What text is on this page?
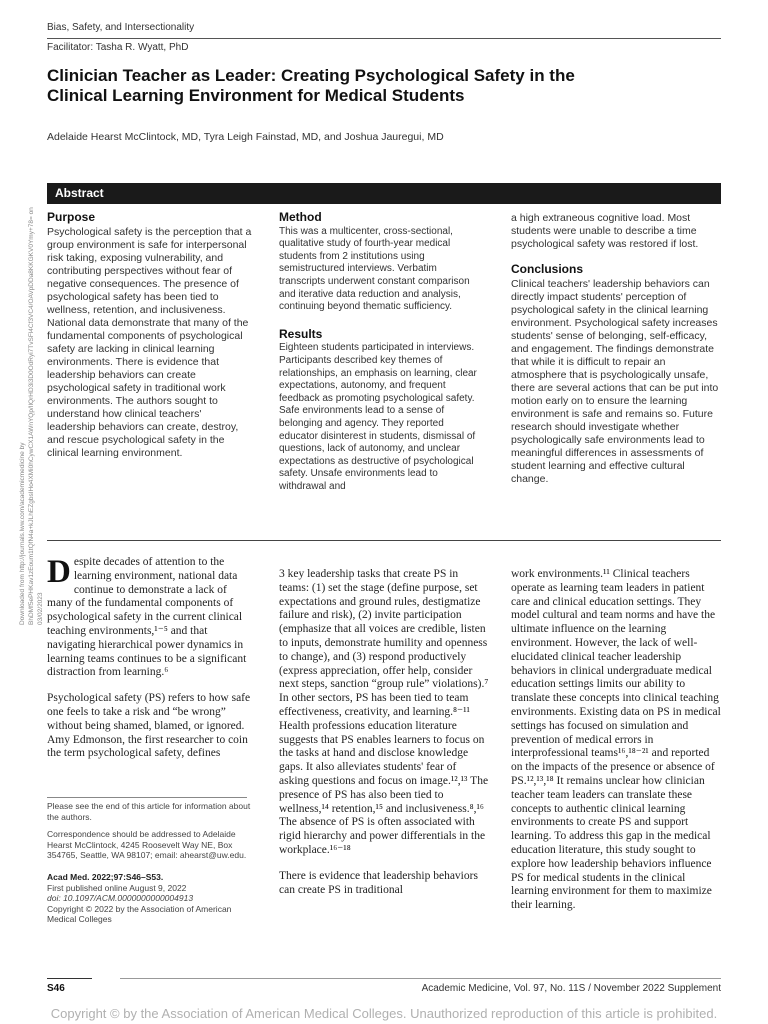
Bias, Safety, and Intersectionality
Facilitator: Tasha R. Wyatt, PhD
Clinician Teacher as Leader: Creating Psychological Safety in the Clinical Learning Environment for Medical Students
Adelaide Hearst McClintock, MD, Tyra Leigh Fainstad, MD, and Joshua Jauregui, MD
Downloaded from http://journals.lww.com/academicmedicine by BhDMf5ePHKav1zEoum1tQfN4a+kJLhEZgbsIHo4XMi0hCywCX1AWnYQp/IlQrHD3i3D0OdRyi7TvSFl4Cf3VC4/OAVpDDa8KKGKV0Ymy+78= on 03/02/2023
Abstract
Purpose

Psychological safety is the perception that a group environment is safe for interpersonal risk taking, exposing vulnerability, and contributing perspectives without fear of negative consequences. The presence of psychological safety has been tied to wellness, retention, and inclusiveness. National data demonstrate that many of the fundamental components of psychological safety are lacking in clinical learning environments. There is evidence that leadership behaviors can create psychological safety in traditional work environments. The authors sought to understand how clinical teachers' leadership behaviors can create, destroy, and rescue psychological safety in the clinical learning environment.

Method

This was a multicenter, cross-sectional, qualitative study of fourth-year medical students from 2 institutions using semistructured interviews. Verbatim transcripts underwent constant comparison and iterative data reduction and analysis, continuing beyond thematic sufficiency.

Results

Eighteen students participated in interviews. Participants described key themes of relationships, an emphasis on learning, clear expectations, autonomy, and frequent feedback as promoting psychological safety. Safe environments lead to a sense of belonging and agency. They reported educator disinterest in students, dismissal of questions, lack of autonomy, and unclear expectations as destructive of psychological safety. Unsafe environments lead to withdrawal and

a high extraneous cognitive load. Most students were unable to describe a time psychological safety was restored if lost.

Conclusions

Clinical teachers' leadership behaviors can directly impact students' perception of psychological safety in the clinical learning environment. Psychological safety increases students' sense of belonging, self-efficacy, and engagement. The findings demonstrate that while it is difficult to repair an atmosphere that is psychologically unsafe, there are several actions that can be put into motion early on to ensure the learning environment is safe and remains so. Future research should investigate whether psychologically safe environments lead to meaningful differences in assessments of student learning and effective cultural change.

Despite decades of attention to the learning environment, national data continue to demonstrate a lack of many of the fundamental components of psychological safety in the current clinical teaching environments,¹⁻⁵ and that navigating hierarchical power dynamics in learning teams continues to be a significant distraction from learning.⁶

Psychological safety (PS) refers to how safe one feels to take a risk and “be wrong” without being shamed, blamed, or ignored. Amy Edmonson, the first researcher to coin the term psychological safety, defines

Please see the end of this article for information about the authors.
Correspondence should be addressed to Adelaide Hearst McClintock, 4245 Roosevelt Way NE, Box 354765, Seattle, WA 98107; email: ahearst@uw.edu.
Acad Med. 2022;97:S46–S53.
First published online August 9, 2022
doi: 10.1097/ACM.0000000000004913
Copyright © 2022 by the Association of American Medical Colleges

3 key leadership tasks that create PS in teams: (1) set the stage (define purpose, set expectations and ground rules, destigmatize failure and risk), (2) invite participation (emphasize that all voices are credible, listen to inputs, demonstrate humility and openness to change), and (3) respond productively (express appreciation, offer help, consider next steps, sanction “group rule” violations).⁷ In other sectors, PS has been tied to team effectiveness, creativity, and learning.⁸⁻¹¹ Health professions education literature suggests that PS enables learners to focus on the tasks at hand and disclose knowledge gaps. It also alleviates students' fear of asking questions and focus on image.¹²,¹³ The presence of PS has also been tied to wellness,¹⁴ retention,¹⁵ and inclusiveness.⁸,¹⁶ The absence of PS is often associated with rigid hierarchy and power differentials in the workplace.¹⁶⁻¹⁸

There is evidence that leadership behaviors can create PS in traditional

work environments.¹¹ Clinical teachers operate as learning team leaders in patient care and clinical education settings. They model cultural and team norms and have the ultimate influence on the learning environment. However, the lack of well-elucidated clinical teacher leadership behaviors in clinical undergraduate medical education settings limits our ability to translate these concepts into clinical teaching environments. Existing data on PS in medical settings has focused on simulation and prevention of medical errors in interprofessional teams¹⁶,¹⁸⁻²¹ and reported on the impacts of the presence or absence of PS.¹²,¹³,¹⁸ It remains unclear how clinician teacher team leaders can translate these concepts to authentic clinical learning environments to create PS and support learning. To address this gap in the medical education literature, this study sought to explore how leadership behaviors influence PS for medical students in the clinical learning environment for them to maximize their learning.

S46	Academic Medicine, Vol. 97, No. 11S / November 2022 Supplement
Copyright © by the Association of American Medical Colleges. Unauthorized reproduction of this article is prohibited.
